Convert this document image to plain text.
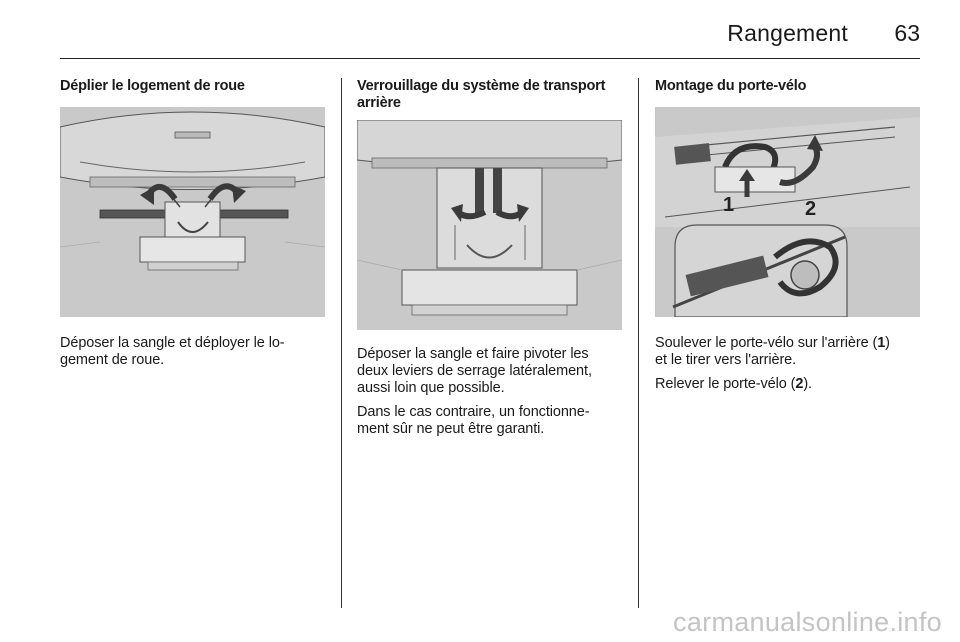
Rangement 63
Déplier le logement de roue

Déposer la sangle et déployer le lo-
gement de roue.

Verrouillage du système de transport
arrière

Déposer la sangle et faire pivoter les
deux leviers de serrage latéralement,
aussi loin que possible.

Dans le cas contraire, un fonctionne-
ment sûr ne peut être garanti.

Montage du porte-vélo
1	2

Soulever le porte-vélo sur l'arrière (1)
et le tirer vers l'arrière.

Relever le porte-vélo (2).

carmanualsonline.info
